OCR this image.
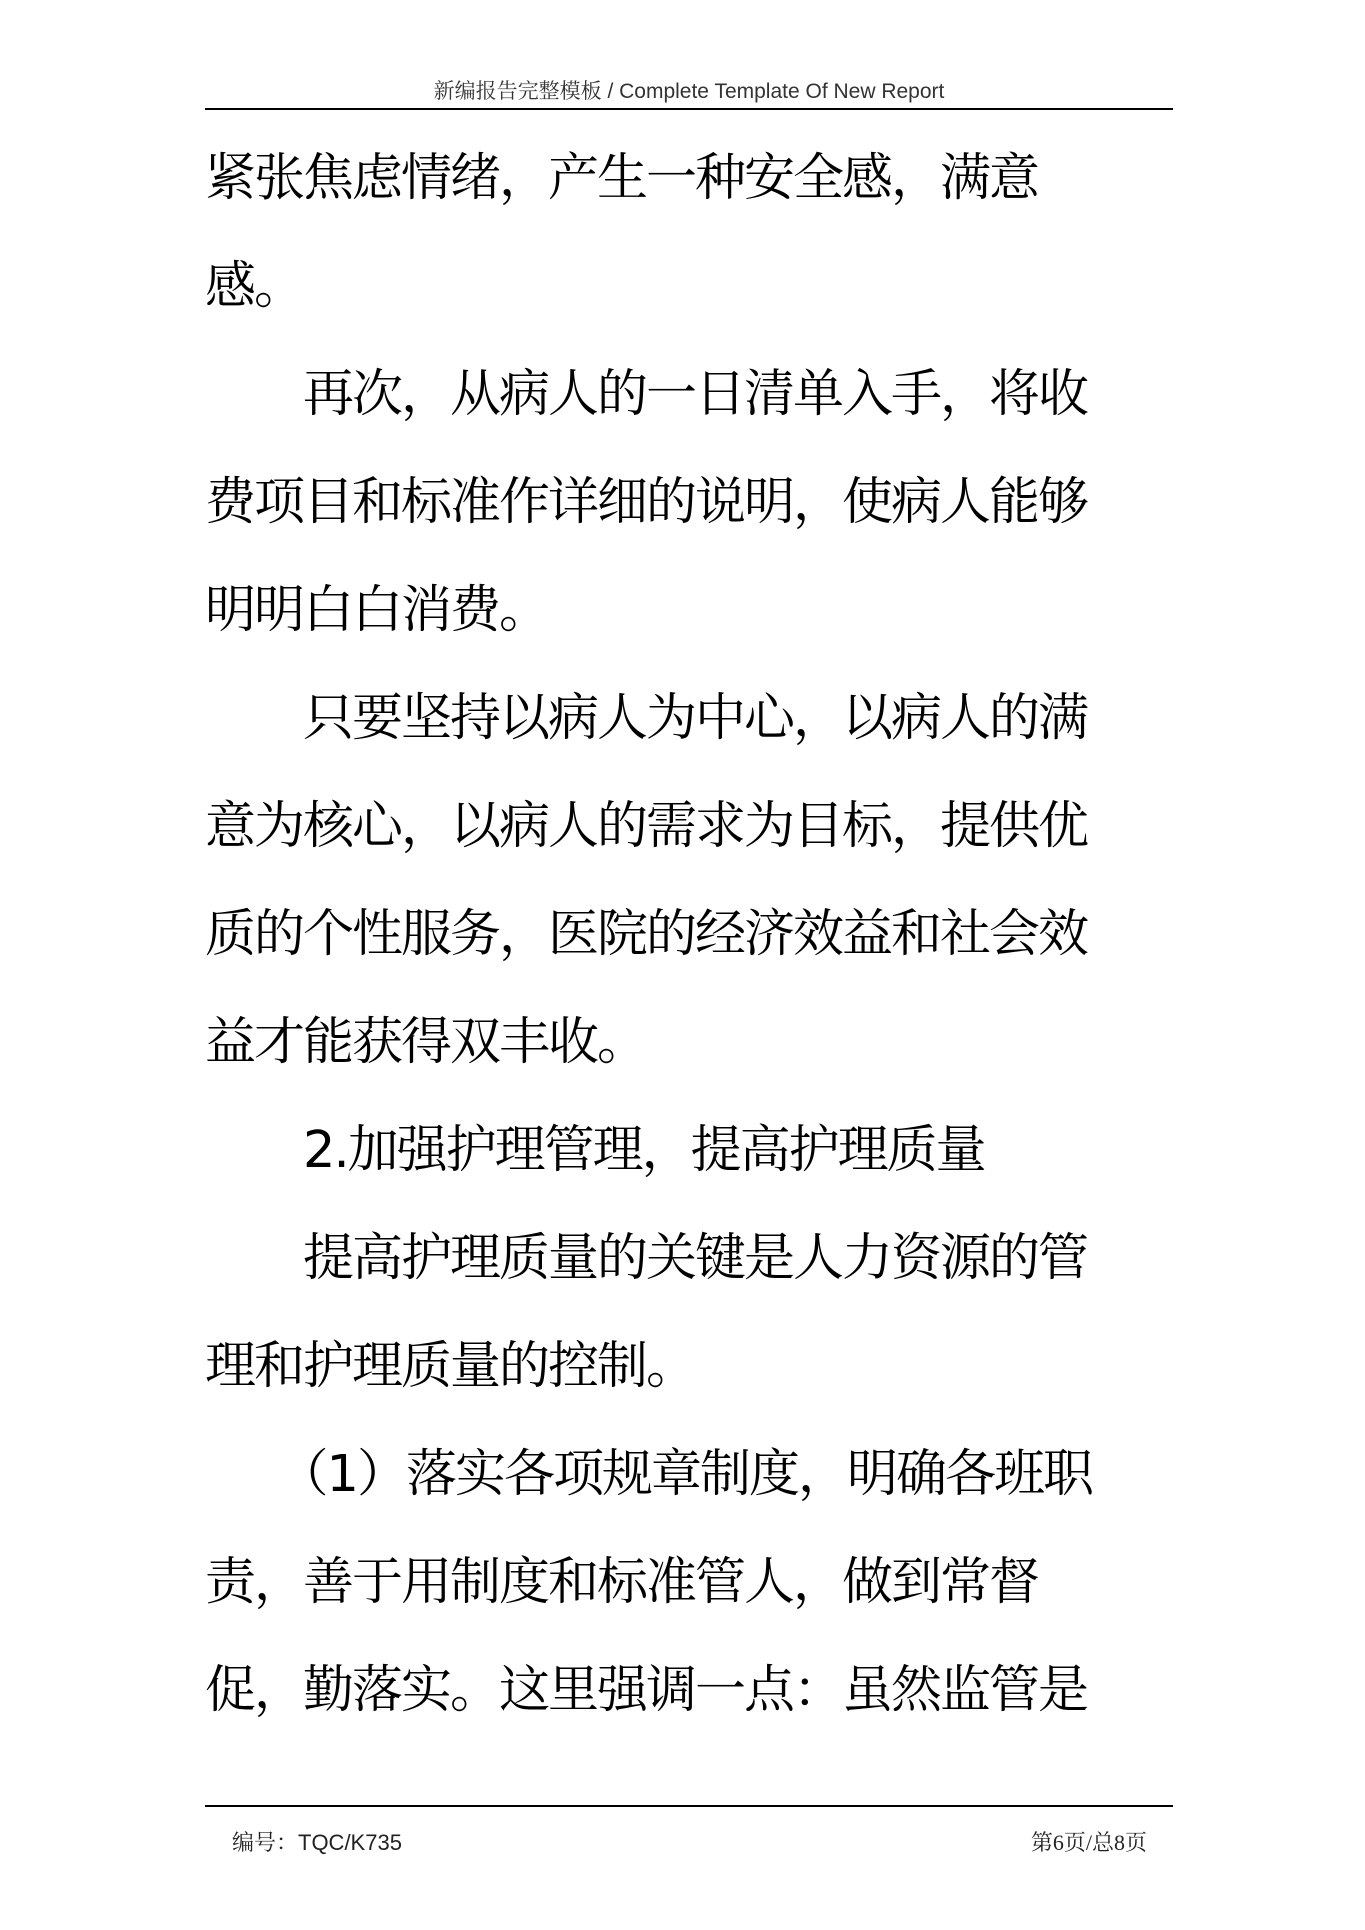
新编报告完整模板 / Complete Template Of New Report

紧张焦虑情绪，产生一种安全感，满意

感。

　　再次，从病人的一日清单入手，将收

费项目和标准作详细的说明，使病人能够

明明白白消费。

　　只要坚持以病人为中心，以病人的满

意为核心，以病人的需求为目标，提供优

质的个性服务，医院的经济效益和社会效

益才能获得双丰收。

　　2.加强护理管理，提高护理质量

　　提高护理质量的关键是人力资源的管

理和护理质量的控制。

　　（1）落实各项规章制度，明确各班职

责，善于用制度和标准管人，做到常督

促，勤落实。这里强调一点：虽然监管是

编号：TQC/K735	第6页/总8页
